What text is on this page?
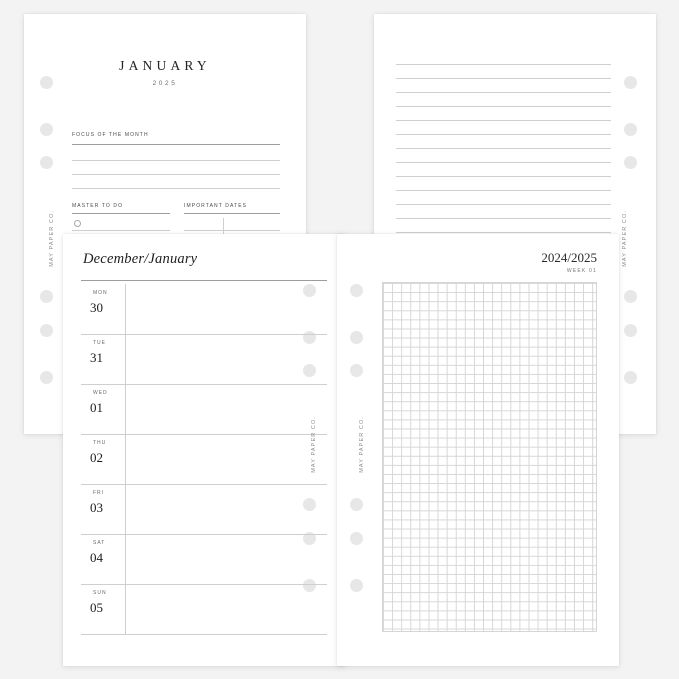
JANUARY
2025
FOCUS OF THE MONTH
MASTER TO DO	IMPORTANT DATES
MAY PAPER CO.	MAY PAPER CO.
December/January
MON
30
TUE
31
WED
01
THU
02
FRI
03
SAT
04
SUN
05
MAY PAPER CO.
2024/2025
WEEK 01
MAY PAPER CO.
